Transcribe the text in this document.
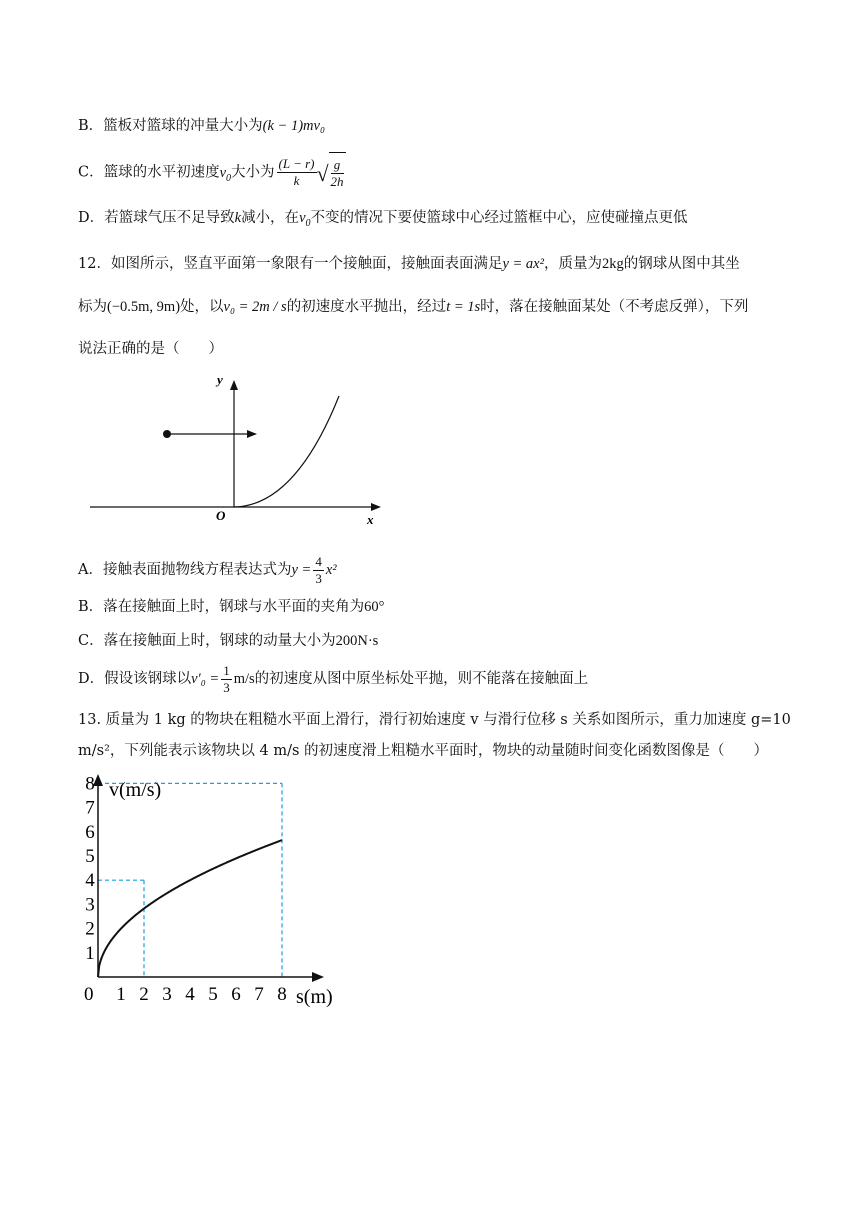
B．篮板对篮球的冲量大小为(k − 1)mv₀
C．篮球的水平初速度$v_0$大小为 $\frac{(L - r)}{k}$
√ $\frac{g}{2h}$
D．若篮球气压不足导致k减小，在$v_0$不变的情况下要使篮球中心经过篮框中心，应使碰撞点更低
12．如图所示，竖直平面第一象限有一个接触面，接触面表面满足y = ax²，质量为2kg的钢球从图中其坐
标为(−0.5m, 9m)处，以v₀ = 2m / s的初速度水平抛出，经过t = 1s时，落在接触面某处（不考虑反弹），下列
说法正确的是（　　）
y
x
O
A．接触表面抛物线方程表达式为$y = \frac{4}{3} x^2$
B．落在接触面上时，钢球与水平面的夹角为60°
C．落在接触面上时，钢球的动量大小为200N·s
D．假设该钢球以$v'_0 = \frac{1}{3} m/s$的初速度从图中原坐标处平抛，则不能落在接触面上
13. 质量为 1 kg 的物块在粗糙水平面上滑行，滑行初始速度 v 与滑行位移 s 关系如图所示，重力加速度 g=10
m/s²，下列能表示该物块以 4 m/s 的初速度滑上粗糙水平面时，物块的动量随时间变化函数图像是（　　）
0 1 2 3 4 5 6 7 8
1
2
3
4
5
6
7
8 v(m/s)
s(m)
